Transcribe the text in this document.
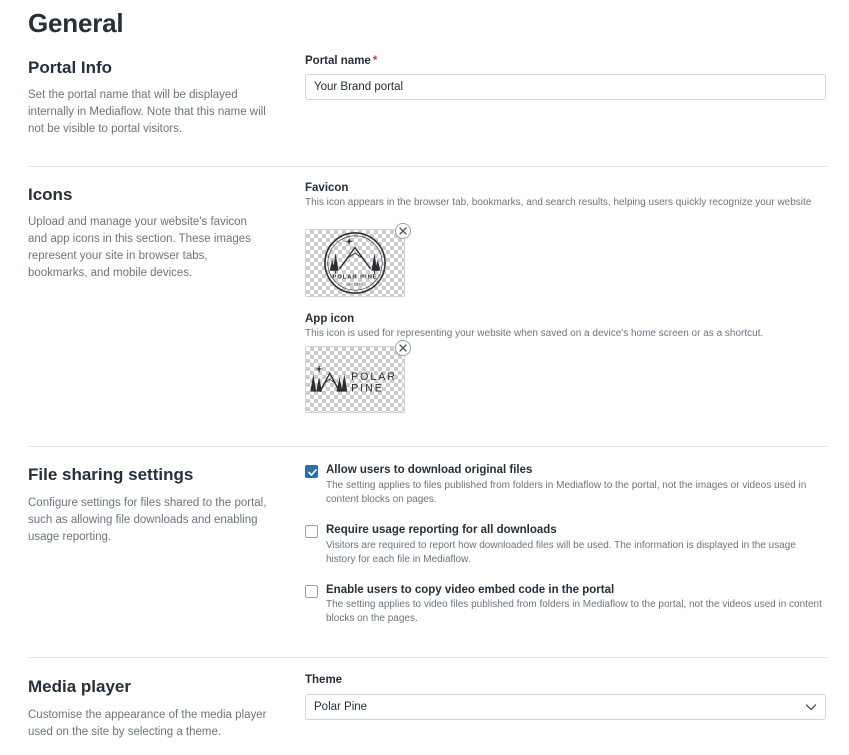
General
Portal Info

Set the portal name that will be displayed internally in Mediaflow. Note that this name will not be visible to portal visitors.

Portal name *
Your Brand portal
Icons

Upload and manage your website's favicon and app icons in this section. These images represent your site in browser tabs, bookmarks, and mobile devices.

Favicon

This icon appears in the browser tab, bookmarks, and search results, helping users quickly recognize your website

POLAR PINE
est 1992
App icon

This icon is used for representing your website when saved on a device's home screen or as a shortcut.

POLAR
PINE
File sharing settings

Configure settings for files shared to the portal, such as allowing file downloads and enabling usage reporting.

Allow users to download original files

The setting applies to files published from folders in Mediaflow to the portal, not the images or videos used in content blocks on pages.

Require usage reporting for all downloads

Visitors are required to report how downloaded files will be used. The information is displayed in the usage history for each file in Mediaflow.

Enable users to copy video embed code in the portal

The setting applies to video files published from folders in Mediaflow to the portal, not the videos used in content blocks on the pages.

Media player

Customise the appearance of the media player used on the site by selecting a theme.

Theme
Polar Pine
